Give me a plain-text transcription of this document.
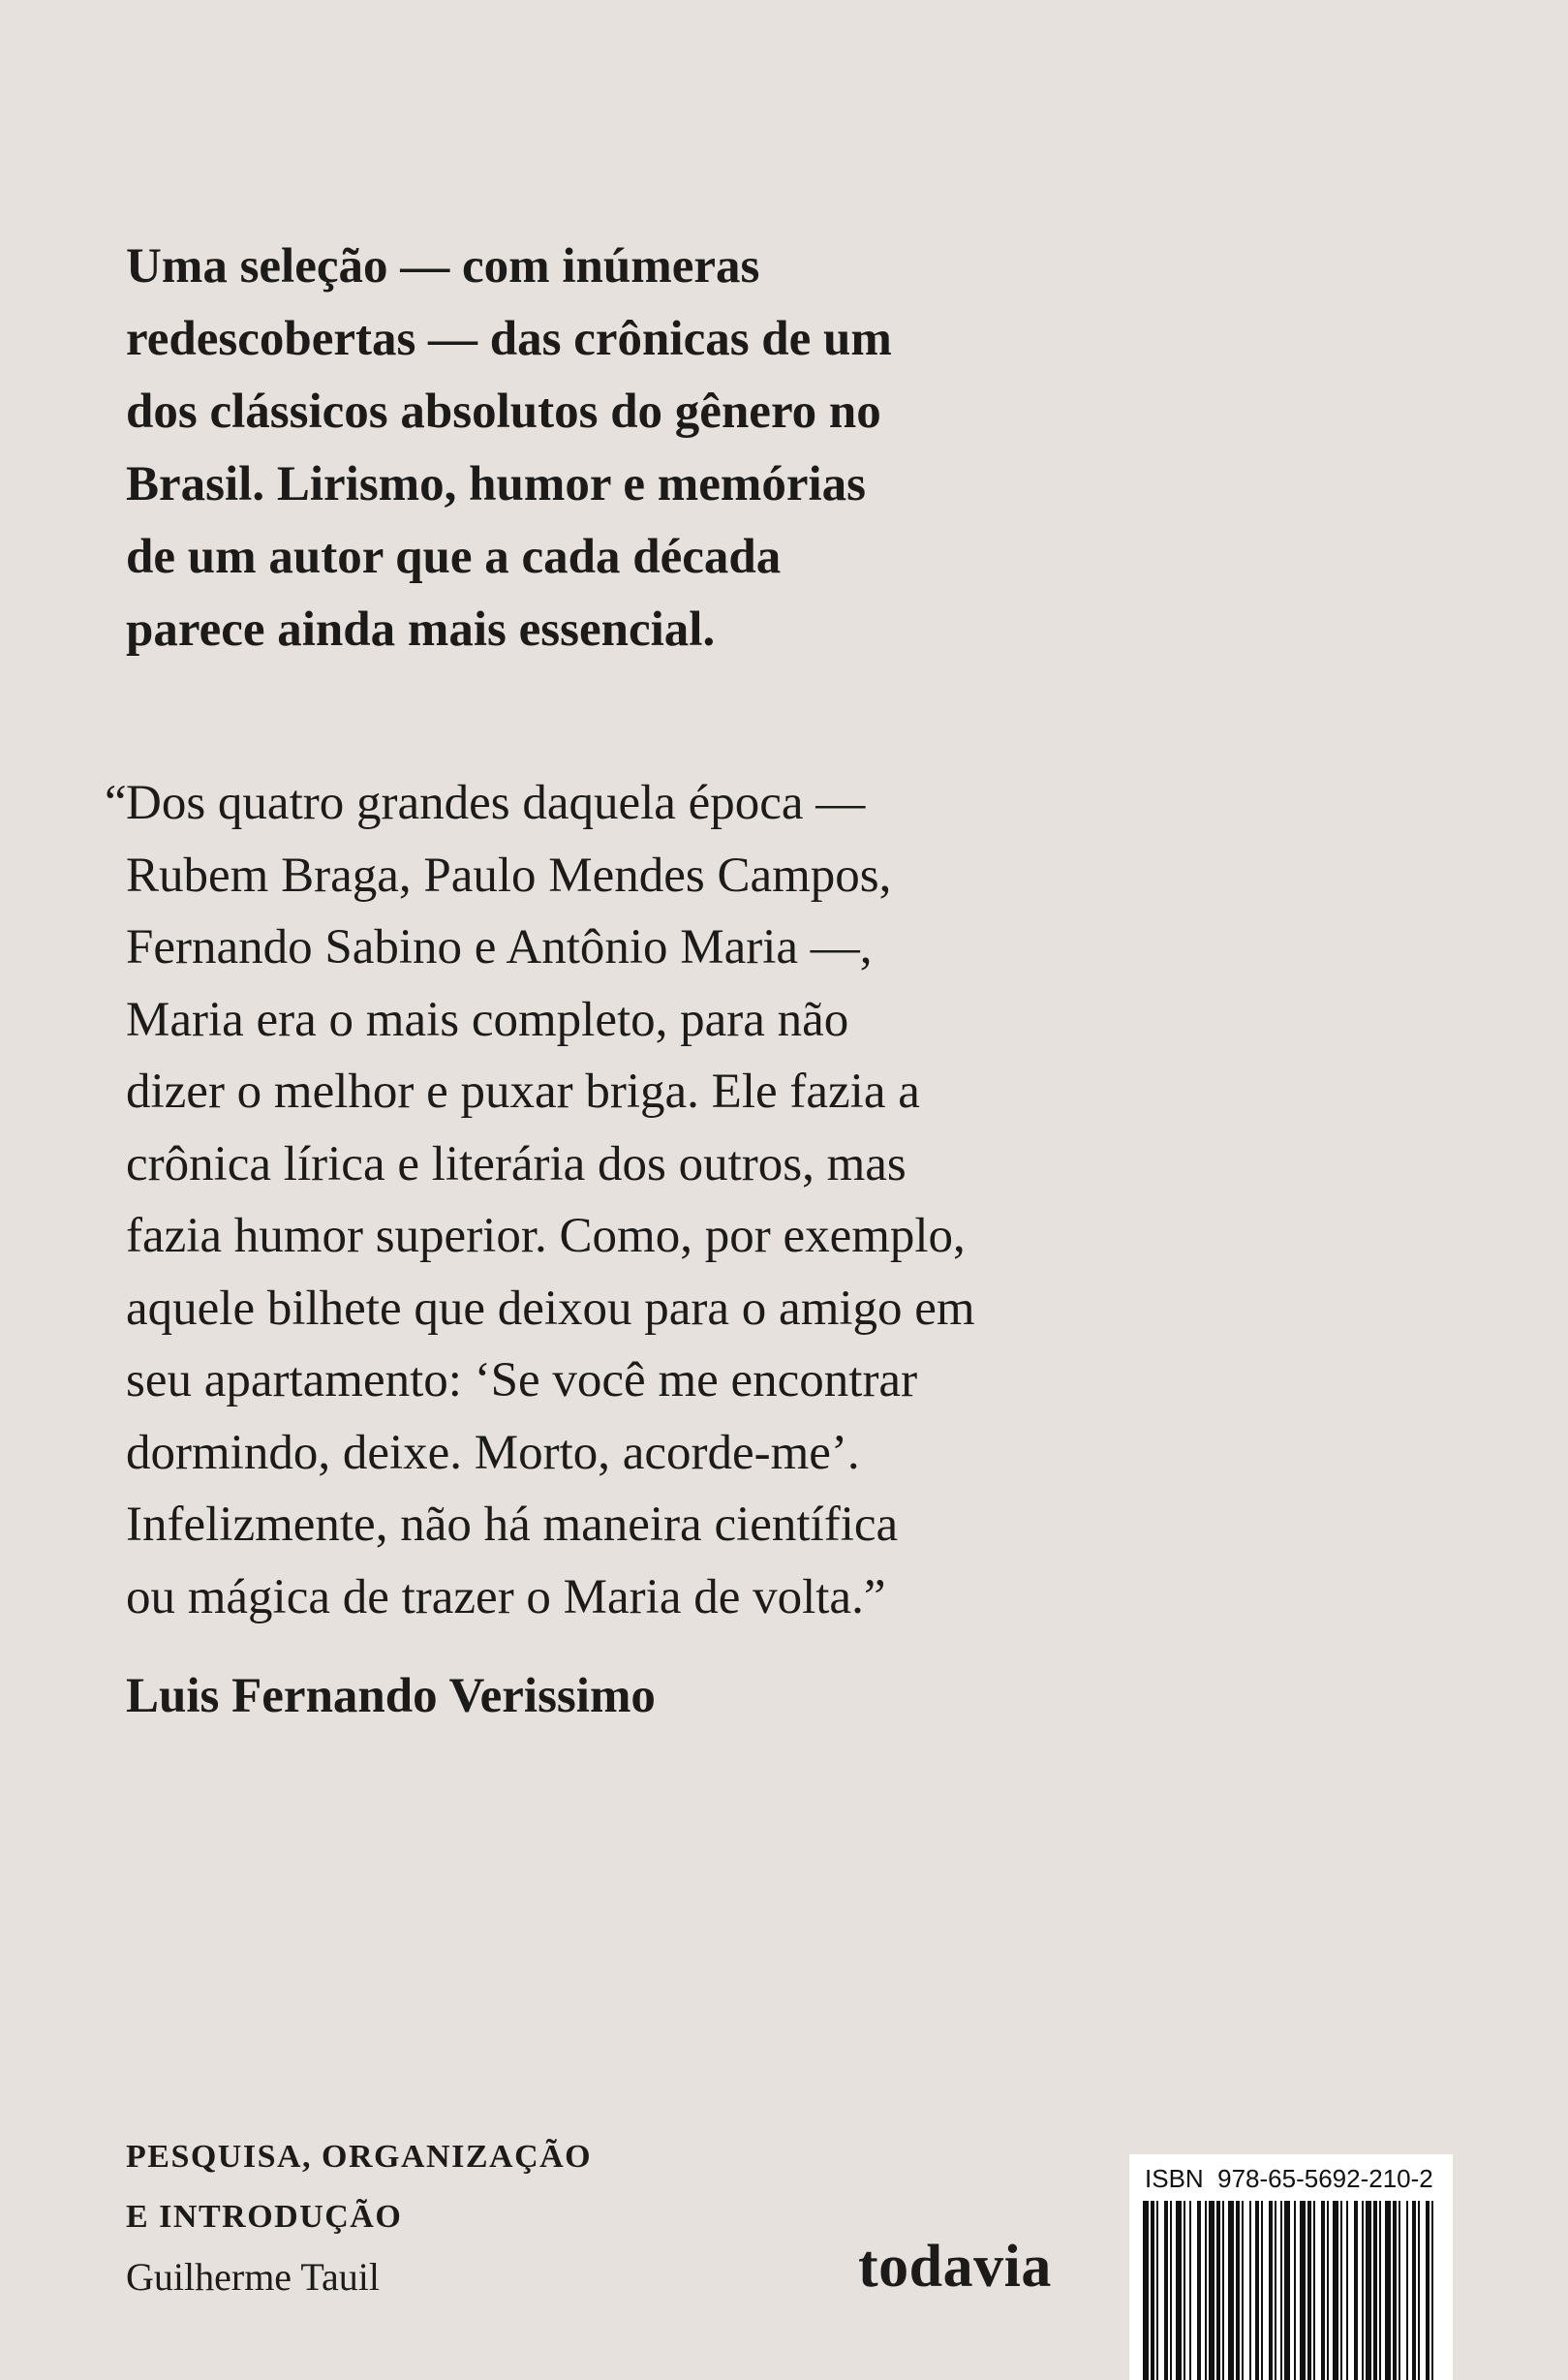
Uma seleção — com inúmeras
redescobertas — das crônicas de um
dos clássicos absolutos do gênero no
Brasil. Lirismo, humor e memórias
de um autor que a cada década
parece ainda mais essencial.

“ Dos quatro grandes daquela época —
Rubem Braga, Paulo Mendes Campos,
Fernando Sabino e Antônio Maria —,
Maria era o mais completo, para não
dizer o melhor e puxar briga. Ele fazia a
crônica lírica e literária dos outros, mas
fazia humor superior. Como, por exemplo,
aquele bilhete que deixou para o amigo em
seu apartamento: ‘Se você me encontrar
dormindo, deixe. Morto, acorde-me’.
Infelizmente, não há maneira científica
ou mágica de trazer o Maria de volta.”

Luis Fernando Verissimo

PESQUISA, ORGANIZAÇÃO
E INTRODUÇÃO
Guilherme Tauil	todavia
ISBN 978-65-5692-210-2
